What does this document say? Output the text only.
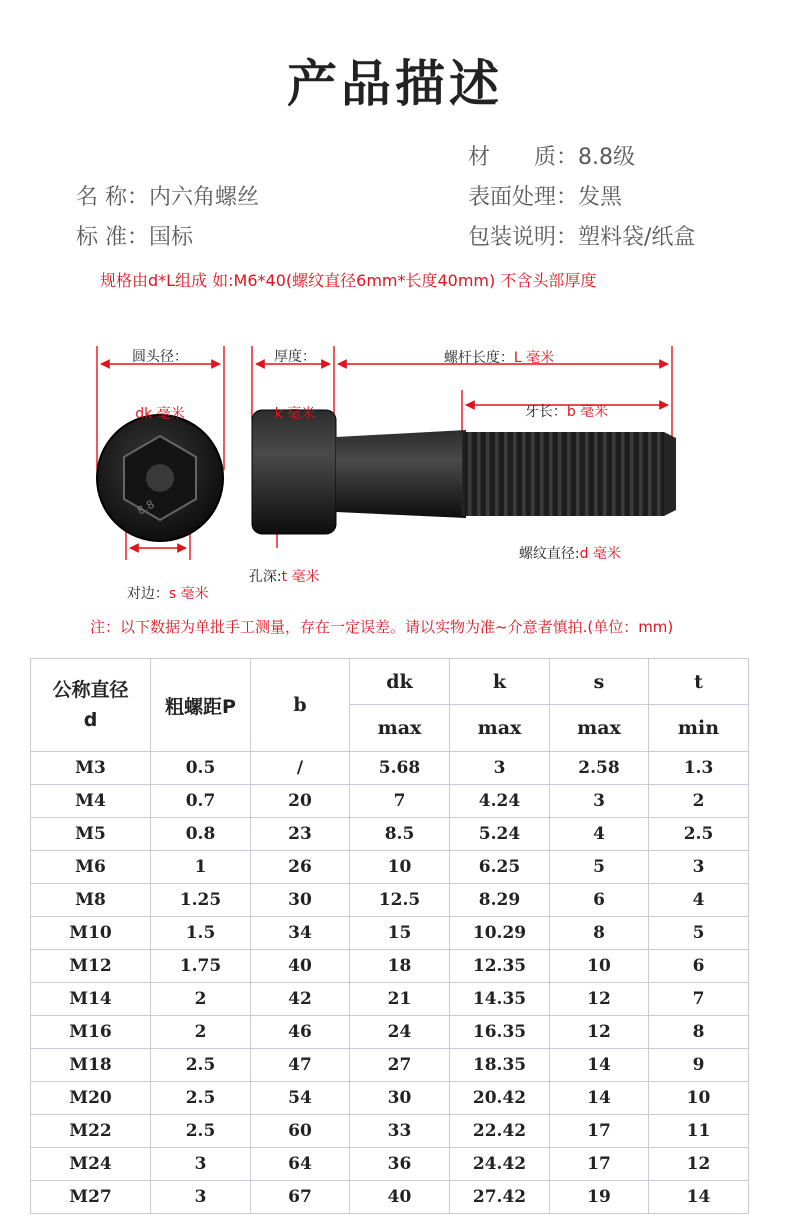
产品描述
材　　质：8.8级
名 称：内六角螺丝	表面处理：发黑
标 准：国标	包装说明：塑料袋/纸盒
规格由d*L组成 如:M6*40(螺纹直径6mm*长度40mm) 不含头部厚度
8.8

圆头径：

dk 毫米

厚度：

k 毫米

螺杆长度：L 毫米

牙长：b 毫米

螺纹直径:d 毫米

孔深:t 毫米

对边：s 毫米

注：以下数据为单批手工测量，存在一定误差。请以实物为准~介意者慎拍.(单位：mm)
公称直径
d	粗螺距P	b	dk	k	s	t
			max	max	max	min
M3	0.5	/	5.68	3	2.58	1.3
M4	0.7	20	7	4.24	3	2
M5	0.8	23	8.5	5.24	4	2.5
M6	1	26	10	6.25	5	3
M8	1.25	30	12.5	8.29	6	4
M10	1.5	34	15	10.29	8	5
M12	1.75	40	18	12.35	10	6
M14	2	42	21	14.35	12	7
M16	2	46	24	16.35	12	8
M18	2.5	47	27	18.35	14	9
M20	2.5	54	30	20.42	14	10
M22	2.5	60	33	22.42	17	11
M24	3	64	36	24.42	17	12
M27	3	67	40	27.42	19	14
